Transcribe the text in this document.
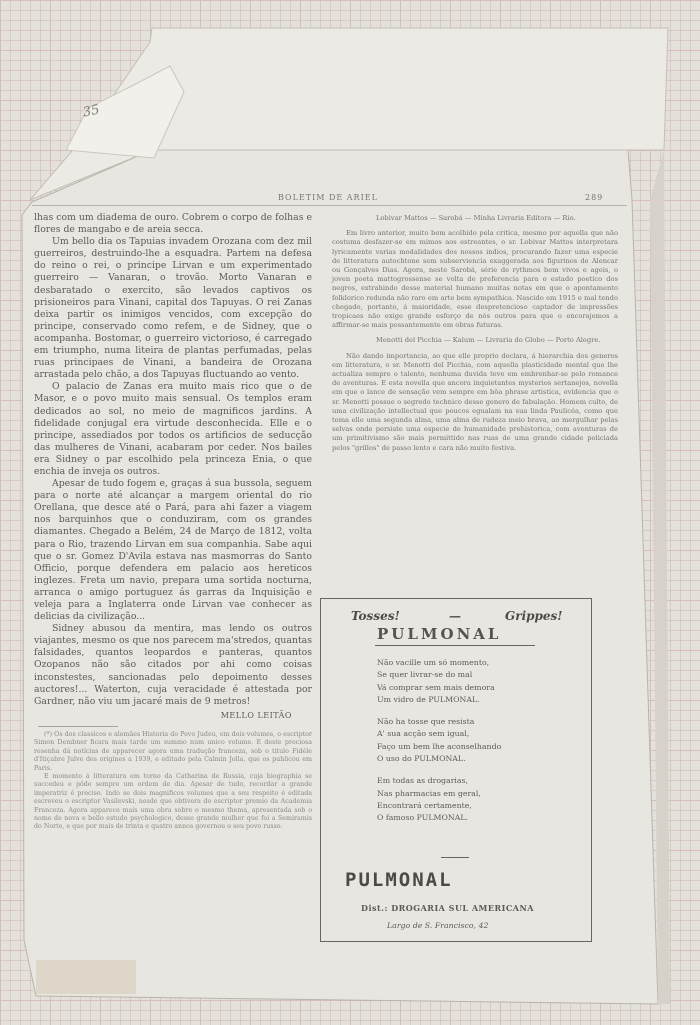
35
BOLETIM DE ARIEL	289

lhas com um diadema de ouro. Cobrem o corpo de folhas e flores de mangabo e de areia secca.

Um bello dia os Tapuias invadem Orozana com dez mil guerreiros, destruindo-lhe a esquadra. Partem na defesa do reino o rei, o principe Lirvan e um experimentado guerreiro — Vanaran, o trovão. Morto Vanaran e desbaratado o exercito, são levados captivos os prisioneiros para Vinani, capital dos Tapuyas. O rei Zanas deixa partir os inimigos vencidos, com excepção do principe, conservado como refem, e de Sidney, que o acompanha. Bostomar, o guerreiro victorioso, é carregado em triumpho, numa liteira de plantas perfumadas, pelas ruas principaes de Vinani, a bandeira de Orozana arrastada pelo chão, a dos Tapuyas fluctuando ao vento.

O palacio de Zanas era muito mais rico que o de Masor, e o povo muito mais sensual. Os templos eram dedicados ao sol, no meio de magnificos jardins. A fidelidade conjugal era virtude desconhecida. Elle e o principe, assediados por todos os artificios de seducção das mulheres de Vinani, acabaram por ceder. Nos bailes era Sidney o par escolhido pela princeza Enia, o que enchia de inveja os outros.

Apesar de tudo fogem e, graças á sua bussola, seguem para o norte até alcançar a margem oriental do rio Orellana, que desce até o Pará, para ahi fazer a viagem nos barquinhos que o conduziram, com os grandes diamantes. Chegado a Belém, 24 de Março de 1812, volta para o Rio, trazendo Lirvan em sua companhia. Sabe aqui que o sr. Gomez D'Avila estava nas masmorras do Santo Officio, porque defendera em palacio aos hereticos inglezes. Freta um navio, prepara uma sortida nocturna, arranca o amigo portuguez ás garras da Inquisição e veleja para a Inglaterra onde Lirvan vae conhecer as delicias da civilização...

Sidney abusou da mentira, mas lendo os outros viajantes, mesmo os que nos parecem ma'stredos, quantas falsidades, quantos leopardos e panteras, quantos Ozopanos não são citados por ahi como coisas inconstestes, sancionadas pelo depoimento desses auctores!... Waterton, cuja veracidade é attestada por Gardner, não viu um jacaré mais de 9 metros!

MELLO LEITÃO

(*) Os dos classicos e alemães Historia do Povo Judeu, em dois volumes, o escriptor Simon Dembner ficara mais tarde um summo num unico volume. E deste preciosa resenha dá notícias de apparecer agora uma tradução franceza, sob o titulo Fidéle d'Itiçabre Julve des origines a 1939, e editado pela Calmin Jolla, que os publicou em Paris.

E momento á litteratura em torno da Catharina de Russia, cuja biographia se succedeu e pôde sempre um ordem de dia. Apesar de tudo, recordar a grande imperatriz é preciso. Indo se dois magnificos volumes que a seu respeito é editada escreveu o escriptor Vasilevski, nesde que obtivera do escriptor premio da Academia Franceza. Agora apparece mais uma obra sobre o mesmo thema, apresentada sob o nome de nova e bello estudo psychologico, desse grande mulher que foi a Semiramis do Norte, e que por mais de trinta e quatro annos governou o seu povo russo.

Lobivar Mattos — Sarobá — Minha Livraria Editora — Rio.
Em livro anterior, muito bem acolhido pela critica, mesmo por aquella que não costuma desfazer-se em mimos aos estreantes, o sr. Lobivar Mattos interpretara lyricamente varias modalidades dos nossos indios, procurando fazer uma especie de litteratura autochtone sem subserviencia exaggerada aos figurinos de Alencar ou Gonçalves Dias. Agora, neste Sarobá, série de rythmos bem vivos e ageis, o joven poeta mattogrossense se volta de preferencia para o estado poetico dos negros, extrahindo desse material humano muitas notas em que o apontamento folklorico redunda não raro em arte bem sympathica. Nascido em 1915 e mal tendo chegado, portanto, á maioridade, esse despretencioso captador de impressões tropicaes não exige grande esforço de nós outros para que o encorajemos a affirmar-se mais possantemente em obras futuras.
Menotti del Picchia — Kalum — Livraria do Globo — Porto Alegre.
Não dando importancia, ao que elle proprio declara, á hierarchia dos generos em litteratura, o sr. Menotti del Picchia, com aquella plasticidade mental que lhe actualiza sempre o talento, nenhuma duvida teve em embrenhar-se pelo romance de aventuras. E esta novella que ancora inquietantes mysterios sertanejos, novella em que o lance de sensação vem sempre em bôa phrase artistica, evidencia que o sr. Menotti possue o segredo technico desse genero de fabulação. Homem culto, de uma civilização intellectual que poucos egualam na sua linda Paulicéa, como que toma elle uma segunda alma, uma alma de rudeza meio brava, ao mergulhar pelas selvas onde persiste uma especie de humanidade prehistorica, com aventuras de um primitivismo são mais permittido nas ruas de uma grande cidade policiada pelos "grillos" de passo lento e cara não muito festiva.
Tosses!	—	Grippes!
PULMONAL
Não vacille um só momento,
Se quer livrar-se do mal
Vá comprar sem mais demora
Um vidro de PULMONAL.
Não ha tosse que resista
A' sua acção sem igual,
Faço um bem lhe aconselhando
O uso do PULMONAL.
Em todas as drogarias,
Nas pharmacias em geral,
Encontrará certamente,
O famoso PULMONAL.
PULMONAL
Dist.: DROGARIA SUL AMERICANA
Largo de S. Francisco, 42
